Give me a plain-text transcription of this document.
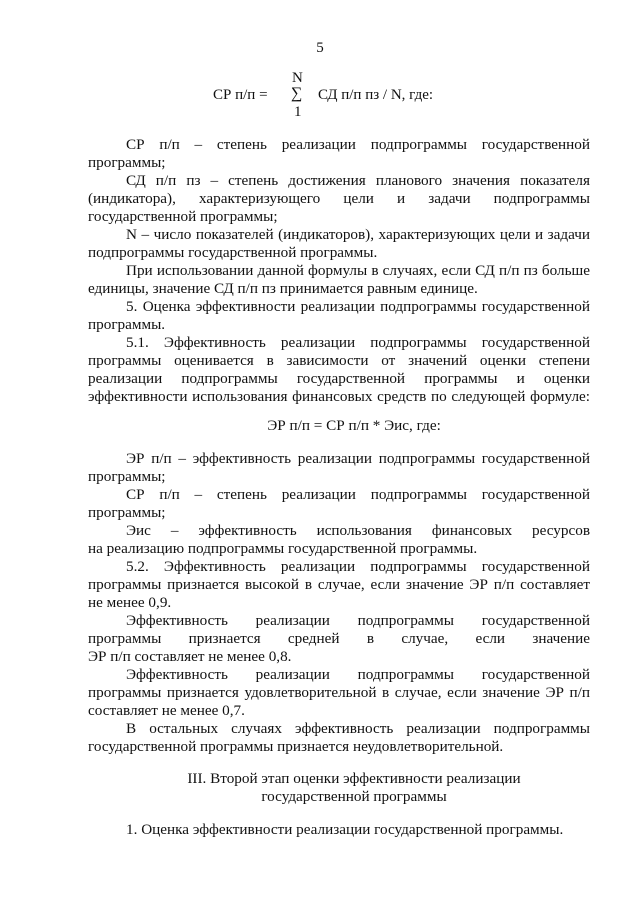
5
СР п/п =
N
∑
1
СД п/п пз / N, где:
СР п/п – степень реализации подпрограммы государственной
программы;
СД п/п пз – степень достижения планового значения показателя
(индикатора), характеризующего цели и задачи подпрограммы
государственной программы;
N – число показателей (индикаторов), характеризующих цели и задачи
подпрограммы государственной программы.
При использовании данной формулы в случаях, если СД п/п пз больше
единицы, значение СД п/п пз принимается равным единице.
5. Оценка эффективности реализации подпрограммы государственной
программы.
5.1. Эффективность реализации подпрограммы государственной
программы оценивается в зависимости от значений оценки степени
реализации подпрограммы государственной программы и оценки
эффективности использования финансовых средств по следующей формуле:
ЭР п/п = СР п/п * Эис, где:
ЭР п/п – эффективность реализации подпрограммы государственной
программы;
СР п/п – степень реализации подпрограммы государственной
программы;
Эис – эффективность использования финансовых ресурсов
на реализацию подпрограммы государственной программы.
5.2. Эффективность реализации подпрограммы государственной
программы признается высокой в случае, если значение ЭР п/п составляет
не менее 0,9.
Эффективность реализации подпрограммы государственной
программы признается средней в случае, если значение
ЭР п/п составляет не менее 0,8.
Эффективность реализации подпрограммы государственной
программы признается удовлетворительной в случае, если значение ЭР п/п
составляет не менее 0,7.
В остальных случаях эффективность реализации подпрограммы
государственной программы признается неудовлетворительной.
III. Второй этап оценки эффективности реализации
государственной программы
1. Оценка эффективности реализации государственной программы.
